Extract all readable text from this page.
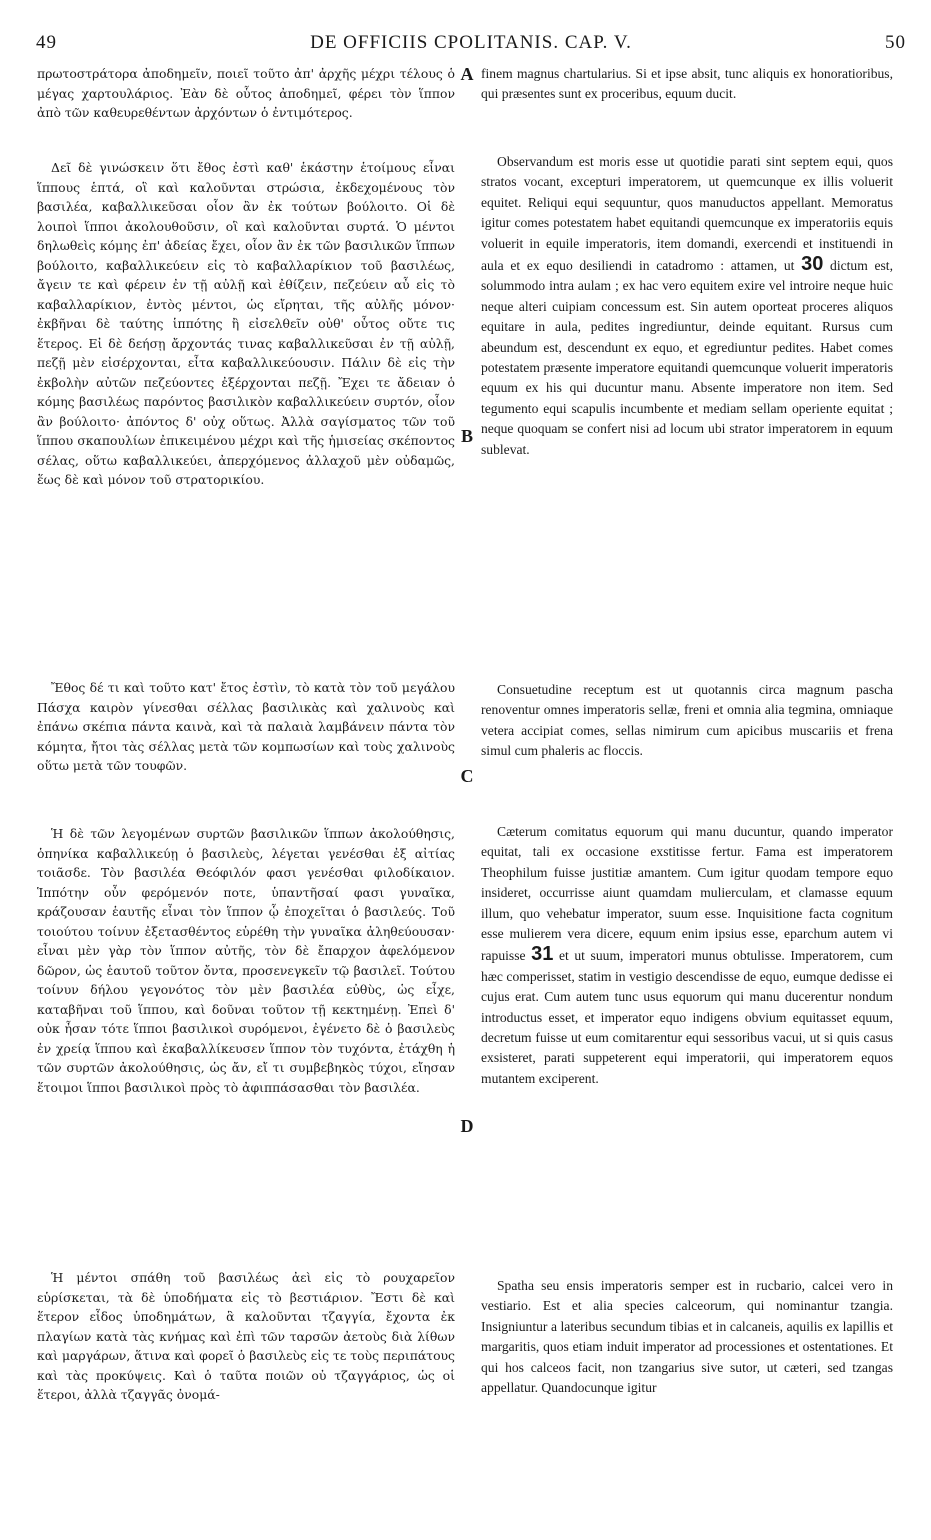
49	DE OFFICIIS CPOLITANIS. CAP. V.	50
πρωτοστράτορα ἀποδημεῖν, ποιεῖ τοῦτο ἀπ' ἀρχῆς μέχρι τέλους ὁ μέγας χαρτουλάριος. Ἐὰν δὲ οὗτος ἀποδημεῖ, φέρει τὸν ἵππον ἀπὸ τῶν καθευρεθέντων ἀρχόντων ὁ ἐντιμότερος.
Δεῖ δὲ γινώσκειν ὅτι ἔθος ἐστὶ καθ' ἑκάστην ἑτοίμους εἶναι ἵππους ἑπτά, οἳ καὶ καλοῦνται στρώσια, ἐκδεχομένους τὸν βασιλέα, καβαλλικεῦσαι οἷον ἂν ἐκ τούτων βούλοιτο. Οἱ δὲ λοιποὶ ἵπποι ἀκολουθοῦσιν, οἳ καὶ καλοῦνται συρτά. Ὁ μέντοι δηλωθεὶς κόμης ἐπ' ἀδείας ἔχει, οἷον ἂν ἐκ τῶν βασιλικῶν ἵππων βούλοιτο, καβαλλικεύειν εἰς τὸ καβαλλαρίκιον τοῦ βασιλέως, ἄγειν τε καὶ φέρειν ἐν τῇ αὐλῇ καὶ ἐθίζειν, πεζεύειν αὖ εἰς τὸ καβαλλαρίκιον, ἐντὸς μέντοι, ὡς εἴρηται, τῆς αὐλῆς μόνον· ἐκβῆναι δὲ ταύτης ἱππότης ἢ εἰσελθεῖν οὐθ' οὗτος οὔτε τις ἕτερος. Εἰ δὲ δεήσῃ ἄρχοντάς τινας καβαλλικεῦσαι ἐν τῇ αὐλῇ, πεζῇ μὲν εἰσέρχονται, εἶτα καβαλλικεύουσιν. Πάλιν δὲ εἰς τὴν ἐκβολὴν αὐτῶν πεζεύοντες ἐξέρχονται πεζῇ. Ἔχει τε ἄδειαν ὁ κόμης βασιλέως παρόντος βασιλικὸν καβαλλικεύειν συρτόν, οἷον ἂν βούλοιτο· ἀπόντος δ' οὐχ οὕτως. Ἀλλὰ σαγίσματος τῶν τοῦ ἵππου σκαπουλίων ἐπικειμένου μέχρι καὶ τῆς ἡμισείας σκέποντος σέλας, οὕτω καβαλλικεύει, ἀπερχόμενος ἀλλαχοῦ μὲν οὐδαμῶς, ἕως δὲ καὶ μόνον τοῦ στρατορικίου.
Ἔθος δέ τι καὶ τοῦτο κατ' ἔτος ἐστὶν, τὸ κατὰ τὸν τοῦ μεγάλου Πάσχα καιρὸν γίνεσθαι σέλλας βασιλικὰς καὶ χαλινοὺς καὶ ἐπάνω σκέπια πάντα καινὰ, καὶ τὰ παλαιὰ λαμβάνειν πάντα τὸν κόμητα, ἤτοι τὰς σέλλας μετὰ τῶν κομπωσίων καὶ τοὺς χαλινοὺς οὕτω μετὰ τῶν τουφῶν.
Ἡ δὲ τῶν λεγομένων συρτῶν βασιλικῶν ἵππων ἀκολούθησις, ὁπηνίκα καβαλλικεύῃ ὁ βασιλεὺς, λέγεται γενέσθαι ἐξ αἰτίας τοιᾶσδε. Τὸν βασιλέα Θεόφιλόν φασι γενέσθαι φιλοδίκαιον. Ἱππότην οὖν φερόμενόν ποτε, ὑπαντῆσαί φασι γυναῖκα, κράζουσαν ἑαυτῆς εἶναι τὸν ἵππον ᾧ ἐποχεῖται ὁ βασιλεύς. Τοῦ τοιούτου τοίνυν ἐξετασθέντος εὑρέθη τὴν γυναῖκα ἀληθεύουσαν· εἶναι μὲν γὰρ τὸν ἵππον αὐτῆς, τὸν δὲ ἔπαρχον ἀφελόμενον δῶρον, ὡς ἑαυτοῦ τοῦτον ὄντα, προσενεγκεῖν τῷ βασιλεῖ. Τούτου τοίνυν δήλου γεγονότος τὸν μὲν βασιλέα εὐθὺς, ὡς εἶχε, καταβῆναι τοῦ ἵππου, καὶ δοῦναι τοῦτον τῇ κεκτημένῃ. Ἐπεὶ δ' οὐκ ἦσαν τότε ἵπποι βασιλικοὶ συρόμενοι, ἐγένετο δὲ ὁ βασιλεὺς ἐν χρείᾳ ἵππου καὶ ἐκαβαλλίκευσεν ἵππον τὸν τυχόντα, ἐτάχθη ἡ τῶν συρτῶν ἀκολούθησις, ὡς ἄν, εἴ τι συμβεβηκὸς τύχοι, εἴησαν ἕτοιμοι ἵπποι βασιλικοὶ πρὸς τὸ ἀφιππάσασθαι τὸν βασιλέα.
Ἡ μέντοι σπάθη τοῦ βασιλέως ἀεὶ εἰς τὸ ρουχαρεῖον εὑρίσκεται, τὰ δὲ ὑποδήματα εἰς τὸ βεστιάριον. Ἔστι δὲ καὶ ἕτερον εἶδος ὑποδημάτων, ἃ καλοῦνται τζαγγία, ἔχοντα ἐκ πλαγίων κατὰ τὰς κνήμας καὶ ἐπὶ τῶν ταρσῶν ἀετοὺς διὰ λίθων καὶ μαργάρων, ἅτινα καὶ φορεῖ ὁ βασιλεὺς εἰς τε τοὺς περιπάτους καὶ τὰς προκύψεις. Καὶ ὁ ταῦτα ποιῶν οὐ τζαγγάριος, ὡς οἱ ἕτεροι, ἀλλὰ τζαγγᾶς ὀνομά-
A
B
C
D
finem magnus chartularius. Si et ipse absit, tunc aliquis ex honoratioribus, qui præsentes sunt ex proceribus, equum ducit.
Observandum est moris esse ut quotidie parati sint septem equi, quos stratos vocant, excepturi imperatorem, ut quemcunque ex illis voluerit equitet. Reliqui equi sequuntur, quos manuductos appellant. Memoratus igitur comes potestatem habet equitandi quemcunque ex imperatoriis equis voluerit in equile imperatoris, item domandi, exercendi et instituendi in aula et ex equo desiliendi in catadromo : attamen, ut 30 dictum est, solummodo intra aulam ; ex hac vero equitem exire vel introire neque huic neque alteri cuipiam concessum est. Sin autem oporteat proceres aliquos equitare in aula, pedites ingrediuntur, deinde equitant. Rursus cum abeundum est, descendunt ex equo, et egrediuntur pedites. Habet comes potestatem præsente imperatore equitandi quemcunque voluerit imperatoris equum ex his qui ducuntur manu. Absente imperatore non item. Sed tegumento equi scapulis incumbente et mediam sellam operiente equitat ; neque quoquam se confert nisi ad locum ubi strator imperatorem in equum sublevat.
Consuetudine receptum est ut quotannis circa magnum pascha renoventur omnes imperatoris sellæ, freni et omnia alia tegmina, omniaque vetera accipiat comes, sellas nimirum cum apicibus muscariis et frena simul cum phaleris ac floccis.
Cæterum comitatus equorum qui manu ducuntur, quando imperator equitat, tali ex occasione exstitisse fertur. Fama est imperatorem Theophilum fuisse justitiæ amantem. Cum igitur quodam tempore equo insideret, occurrisse aiunt quamdam mulierculam, et clamasse equum illum, quo vehebatur imperator, suum esse. Inquisitione facta cognitum esse mulierem vera dicere, equum enim ipsius esse, eparchum autem vi rapuisse 31 et ut suum, imperatori munus obtulisse. Imperatorem, cum hæc comperisset, statim in vestigio descendisse de equo, eumque dedisse ei cujus erat. Cum autem tunc usus equorum qui manu ducerentur nondum introductus esset, et imperator equo indigens obvium equitasset equum, decretum fuisse ut eum comitarentur equi sessoribus vacui, ut si quis casus exsisteret, parati suppeterent equi imperatorii, qui imperatorem equos mutantem exciperent.
Spatha seu ensis imperatoris semper est in rucbario, calcei vero in vestiario. Est et alia species calceorum, qui nominantur tzangia. Insigniuntur a lateribus secundum tibias et in calcaneis, aquilis ex lapillis et margaritis, quos etiam induit imperator ad processiones et ostentationes. Et qui hos calceos facit, non tzangarius sive sutor, ut cæteri, sed tzangas appellatur. Quandocunque igitur
